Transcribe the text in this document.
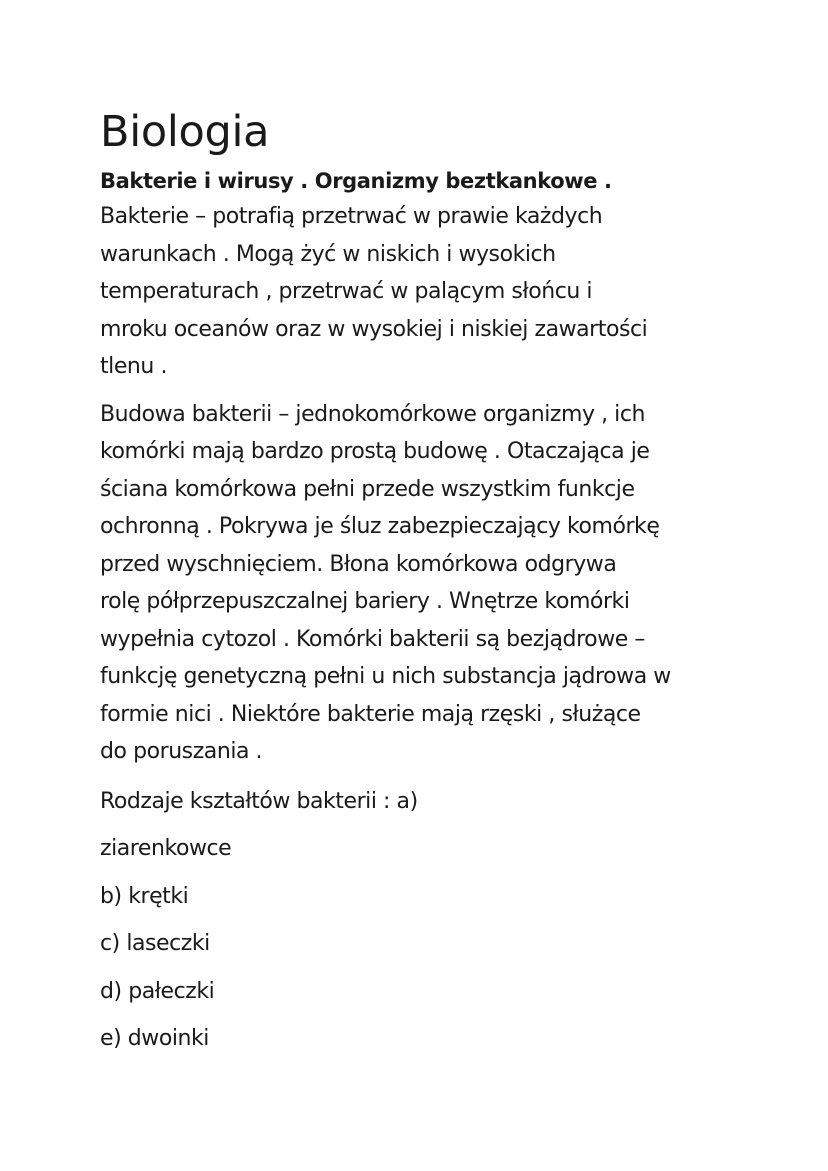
Biologia

Bakterie i wirusy . Organizmy beztkankowe .

Bakterie – potrafią przetrwać w prawie każdych
warunkach . Mogą żyć w niskich i wysokich
temperaturach , przetrwać w palącym słońcu i
mroku oceanów oraz w wysokiej i niskiej zawartości
tlenu .

Budowa bakterii – jednokomórkowe organizmy , ich
komórki mają bardzo prostą budowę . Otaczająca je
ściana komórkowa pełni przede wszystkim funkcje
ochronną . Pokrywa je śluz zabezpieczający komórkę
przed wyschnięciem. Błona komórkowa odgrywa
rolę półprzepuszczalnej bariery . Wnętrze komórki
wypełnia cytozol . Komórki bakterii są bezjądrowe –
funkcję genetyczną pełni u nich substancja jądrowa w
formie nici . Niektóre bakterie mają rzęski , służące
do poruszania .

Rodzaje kształtów bakterii : a)
ziarenkowce
b) krętki
c) laseczki
d) pałeczki
e) dwoinki
